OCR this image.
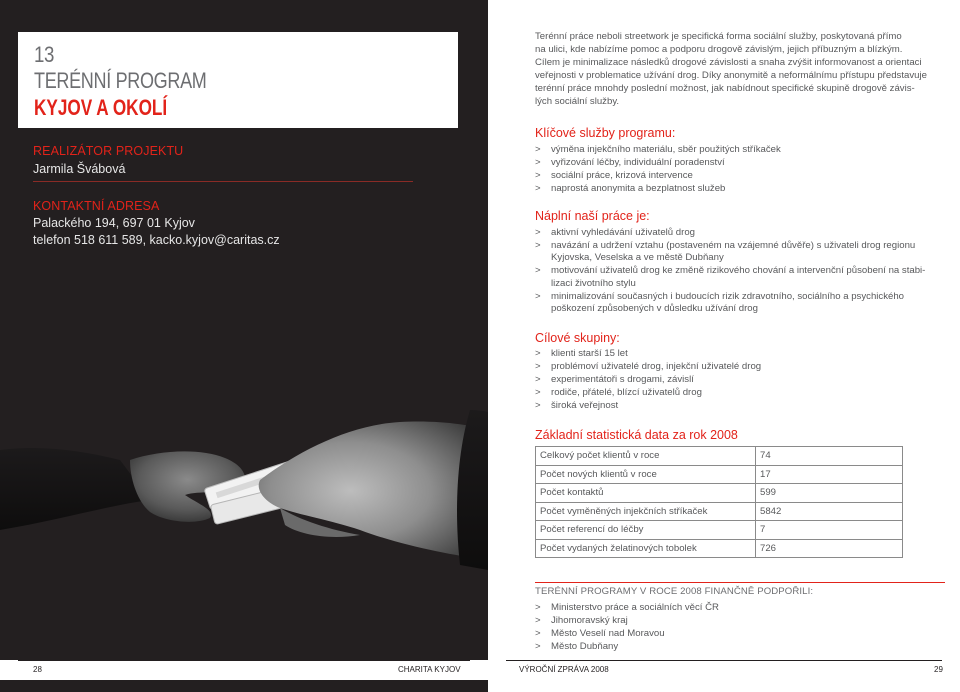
13
TERÉNNÍ PROGRAM
KYJOV A OKOLÍ
REALIZÁTOR PROJEKTU
Jarmila Švábová
KONTAKTNÍ ADRESA
Palackého 194, 697 01 Kyjov
telefon 518 611 589, kacko.kyjov@caritas.cz
28	CHARITA KYJOV
Terénní práce neboli streetwork je specifická forma sociální služby, poskytovaná přímo
na ulici, kde nabízíme pomoc a podporu drogově závislým, jejich příbuzným a blízkým.
Cílem je minimalizace následků drogové závislosti a snaha zvýšit informovanost a orientaci
veřejnosti v problematice užívání drog. Díky anonymitě a neformálnímu přístupu představuje
terénní práce mnohdy poslední možnost, jak nabídnout specifické skupině drogově závis-
lých sociální služby.
Klíčové služby programu:
> výměna injekčního materiálu, sběr použitých stříkaček
> vyřizování léčby, individuální poradenství
> sociální práce, krizová intervence
> naprostá anonymita a bezplatnost služeb
Náplní naší práce je:
> aktivní vyhledávání uživatelů drog
> navázání a udržení vztahu (postaveném na vzájemné důvěře) s uživateli drog regionu
Kyjovska, Veselska a ve městě Dubňany
> motivování uživatelů drog ke změně rizikového chování a intervenční působení na stabi-
lizaci životního stylu
> minimalizování současných i budoucích rizik zdravotního, sociálního a psychického
poškození způsobených v důsledku užívání drog
Cílové skupiny:
> klienti starší 15 let
> problémoví uživatelé drog, injekční uživatelé drog
> experimentátoři s drogami, závislí
> rodiče, přátelé, blízcí uživatelů drog
> široká veřejnost
Základní statistická data za rok 2008
Celkový počet klientů v roce	74
Počet nových klientů v roce	17
Počet kontaktů	599
Počet vyměněných injekčních stříkaček	5842
Počet referencí do léčby	7
Počet vydaných želatinových tobolek	726
TERÉNNÍ PROGRAMY V ROCE 2008 FINANČNĚ PODPOŘILI:
> Ministerstvo práce a sociálních věcí ČR
> Jihomoravský kraj
> Město Veselí nad Moravou
> Město Dubňany
VÝROČNÍ ZPRÁVA 2008	29
